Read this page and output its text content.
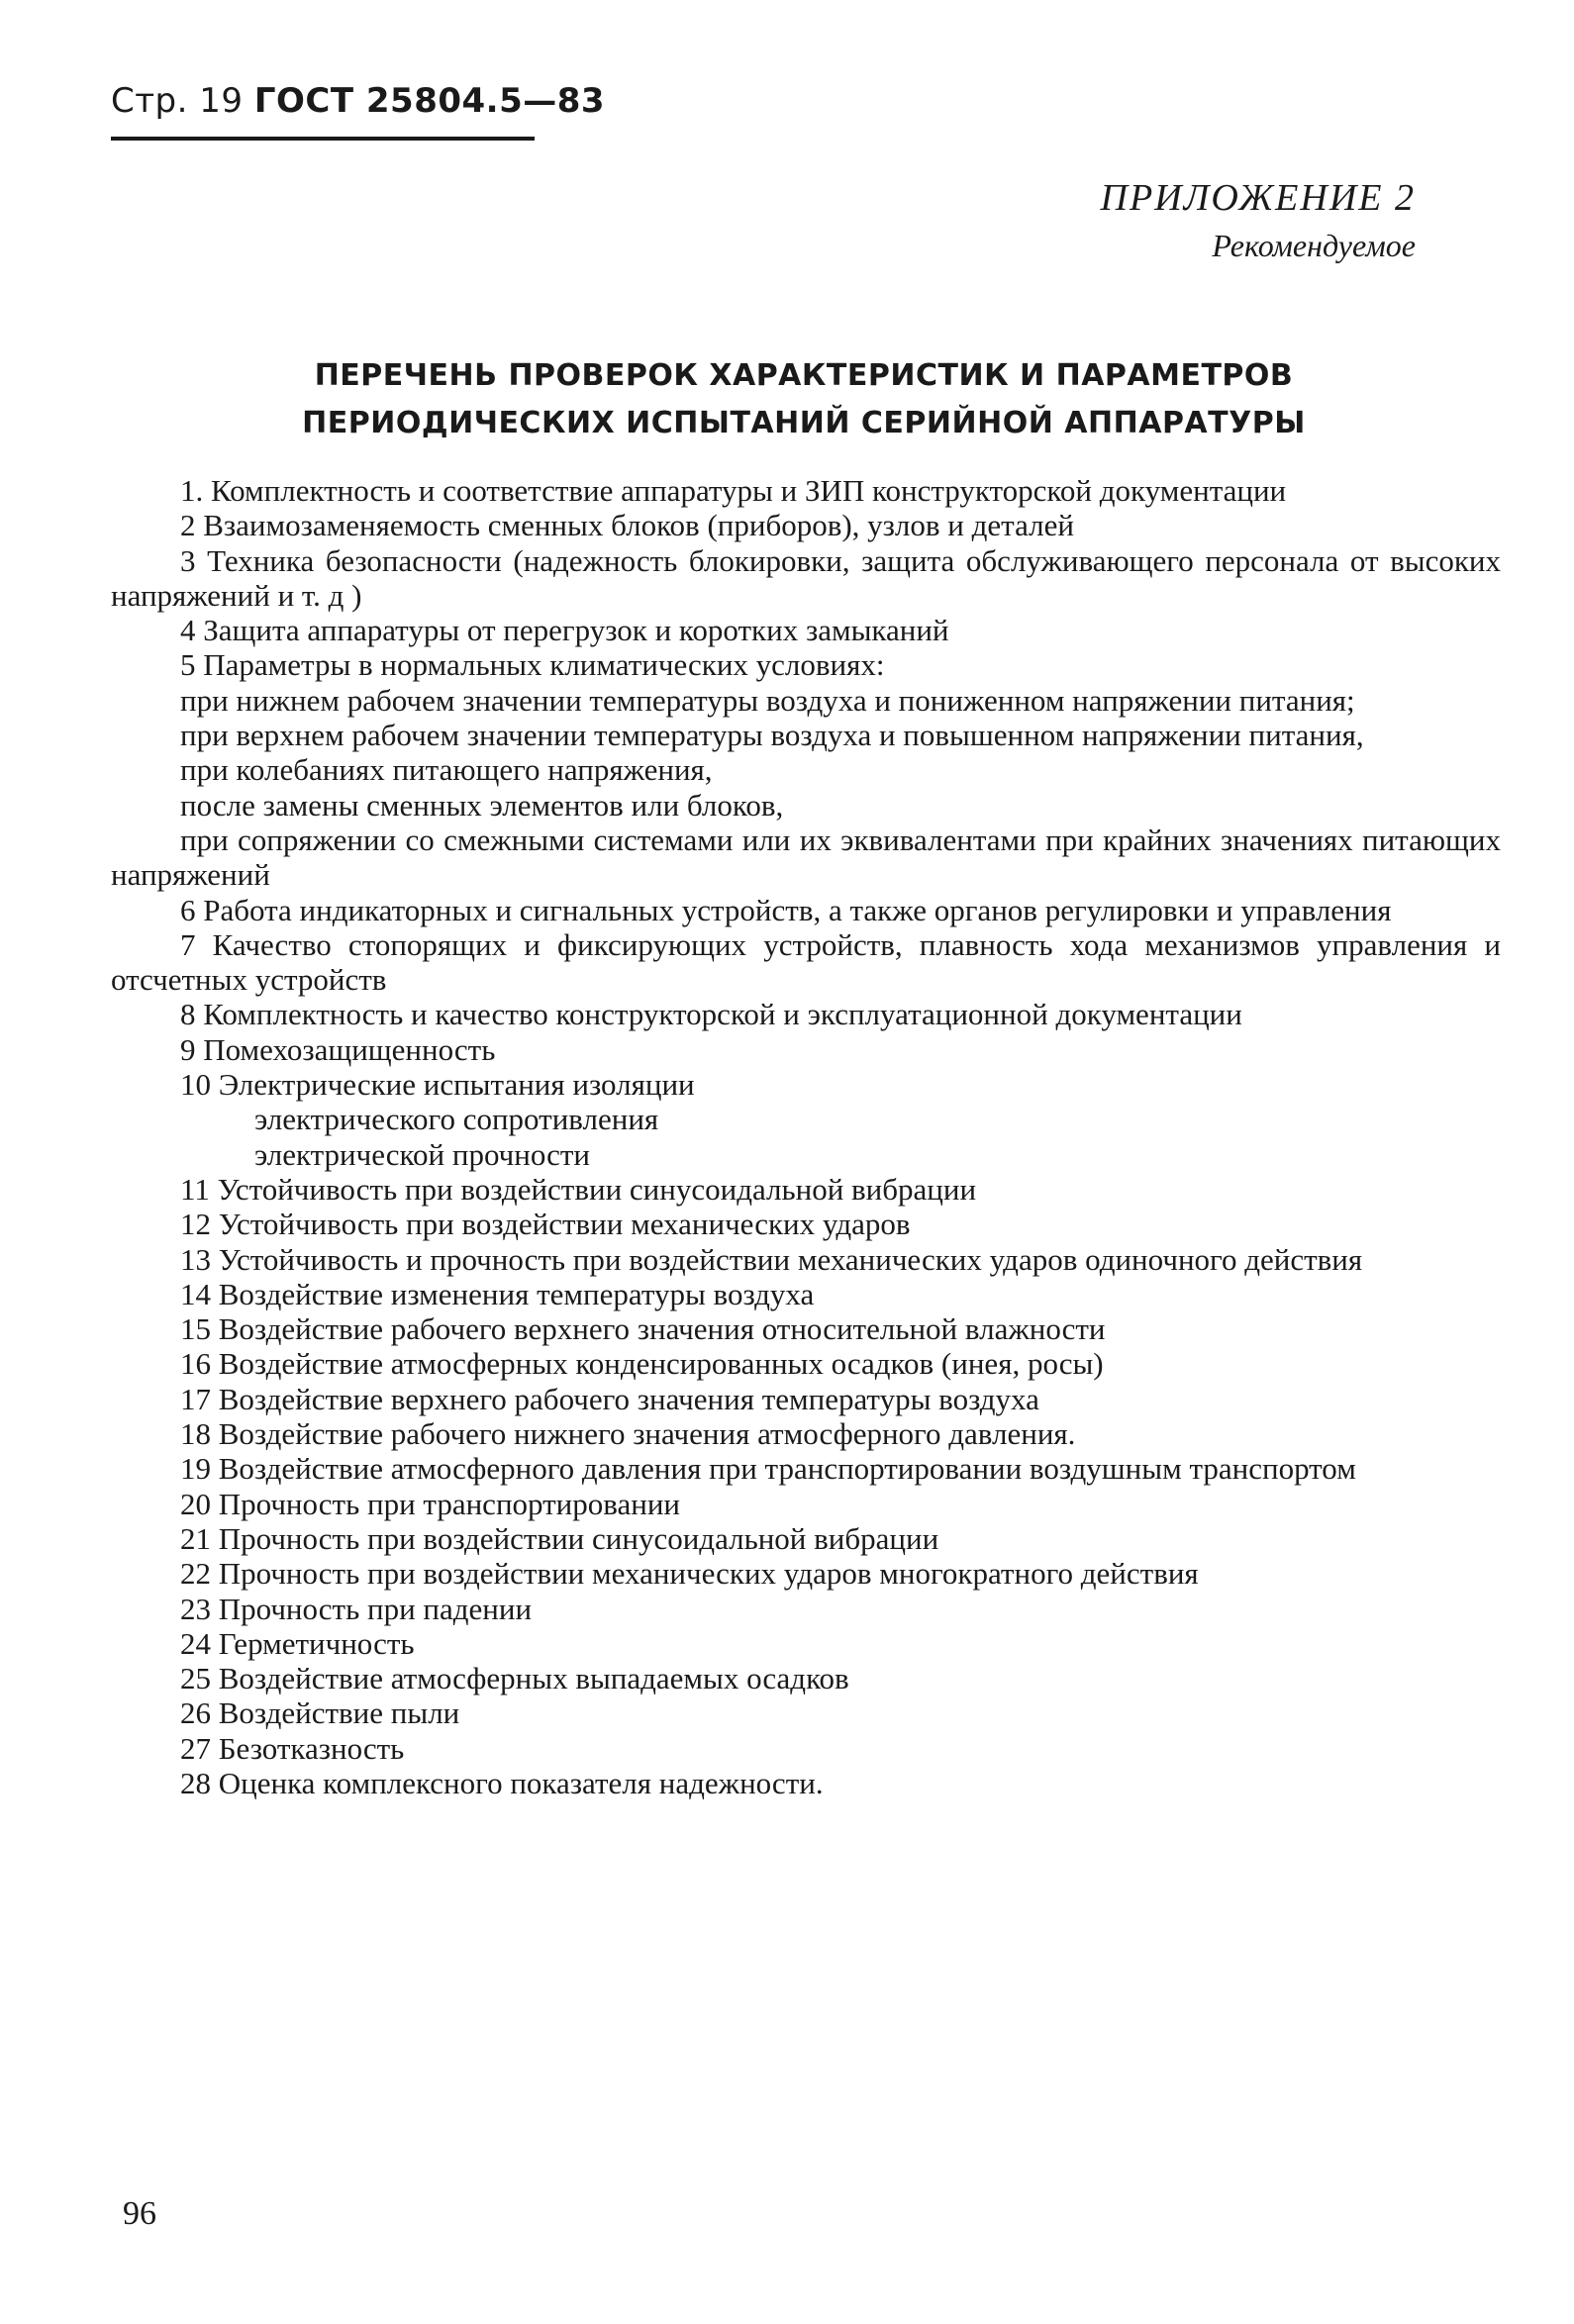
Стр. 19 ГОСТ 25804.5—83
ПРИЛОЖЕНИЕ 2
Рекомендуемое
ПЕРЕЧЕНЬ ПРОВЕРОК ХАРАКТЕРИСТИК И ПАРАМЕТРОВ
ПЕРИОДИЧЕСКИХ ИСПЫТАНИЙ СЕРИЙНОЙ АППАРАТУРЫ

1. Комплектность и соответствие аппаратуры и ЗИП конструкторской документации

2 Взаимозаменяемость сменных блоков (приборов), узлов и деталей

3 Техника безопасности (надежность блокировки, защита обслуживающего персонала от высоких напряжений и т. д )

4 Защита аппаратуры от перегрузок и коротких замыканий

5 Параметры в нормальных климатических условиях:

при нижнем рабочем значении температуры воздуха и пониженном напряжении питания;

при верхнем рабочем значении температуры воздуха и повышенном напряжении питания,

при колебаниях питающего напряжения,

после замены сменных элементов или блоков,

при сопряжении со смежными системами или их эквивалентами при крайних значениях питающих напряжений

6 Работа индикаторных и сигнальных устройств, а также органов регулировки и управления

7 Качество стопорящих и фиксирующих устройств, плавность хода механизмов управления и отсчетных устройств

8 Комплектность и качество конструкторской и эксплуатационной документации

9 Помехозащищенность

10 Электрические испытания изоляции

электрического сопротивления

электрической прочности

11 Устойчивость при воздействии синусоидальной вибрации

12 Устойчивость при воздействии механических ударов

13 Устойчивость и прочность при воздействии механических ударов одиночного действия

14 Воздействие изменения температуры воздуха

15 Воздействие рабочего верхнего значения относительной влажности

16 Воздействие атмосферных конденсированных осадков (инея, росы)

17 Воздействие верхнего рабочего значения температуры воздуха

18 Воздействие рабочего нижнего значения атмосферного давления.

19 Воздействие атмосферного давления при транспортировании воздушным транспортом

20 Прочность при транспортировании

21 Прочность при воздействии синусоидальной вибрации

22 Прочность при воздействии механических ударов многократного действия

23 Прочность при падении

24 Герметичность

25 Воздействие атмосферных выпадаемых осадков

26 Воздействие пыли

27 Безотказность

28 Оценка комплексного показателя надежности.

96
